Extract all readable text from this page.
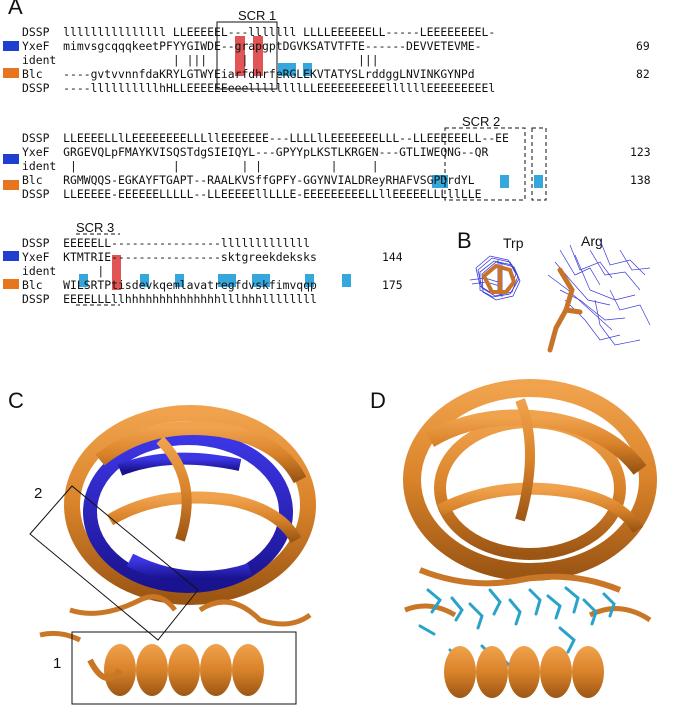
A
B
C	D
SCR 1
SCR 2
SCR 3
DSSP  lllllllllllllll LLEEEEEL---lllllll LLLLEEEEEELL-----LEEEEEEEEL-
YxeF  mimvsgcqqqkeetPFYYGIWDE--grapgptDGVKSATVTFTE------DEVVETEVME-
ident                 | |||     |                |||
Blc   ----gvtvvnnfdaKRYLGTWYEiarfdhrfeRGLEKVTATYSLrddggLNVINKGYNPd
DSSP  ----llllllllllhHLLEEEEEEeeellllllllLLEEEEEEEEEEllllllEEEEEEEEEl
69
82
DSSP  LLEEEELLlLEEEEEEEELLLllEEEEEEE---LLLLlLEEEEEEELLL--LLEEEEEELL--EE
YxeF  GRGEVQLpFMAYKVISQSTdgSIEIQYL---GPYYpLKSTLKRGEN---GTLIWEQNG--QR
ident  |              |         | |          |     |
Blc   RGMWQQS-EGKAYFTGAPT--RAALKVSffGPFY-GGYNVIALDReyRHAFVSGPDrdYL
DSSP  LLEEEEE-EEEEEELLLLL--LLEEEEEllLLLE-EEEEEEEEELLllEEEEELLLllLLE
123
138
DSSP  EEEEELL----------------lllllllllllll
YxeF  KTMTRIE----------------sktgreekdeksks
ident      |
Blc   WILSRTPtisdevkqemlavatregfdvskfimvqqp
DSSP  EEEELLLllhhhhhhhhhhhhhhlllhhhllllllll
144
175
Trp	Arg
1
2
